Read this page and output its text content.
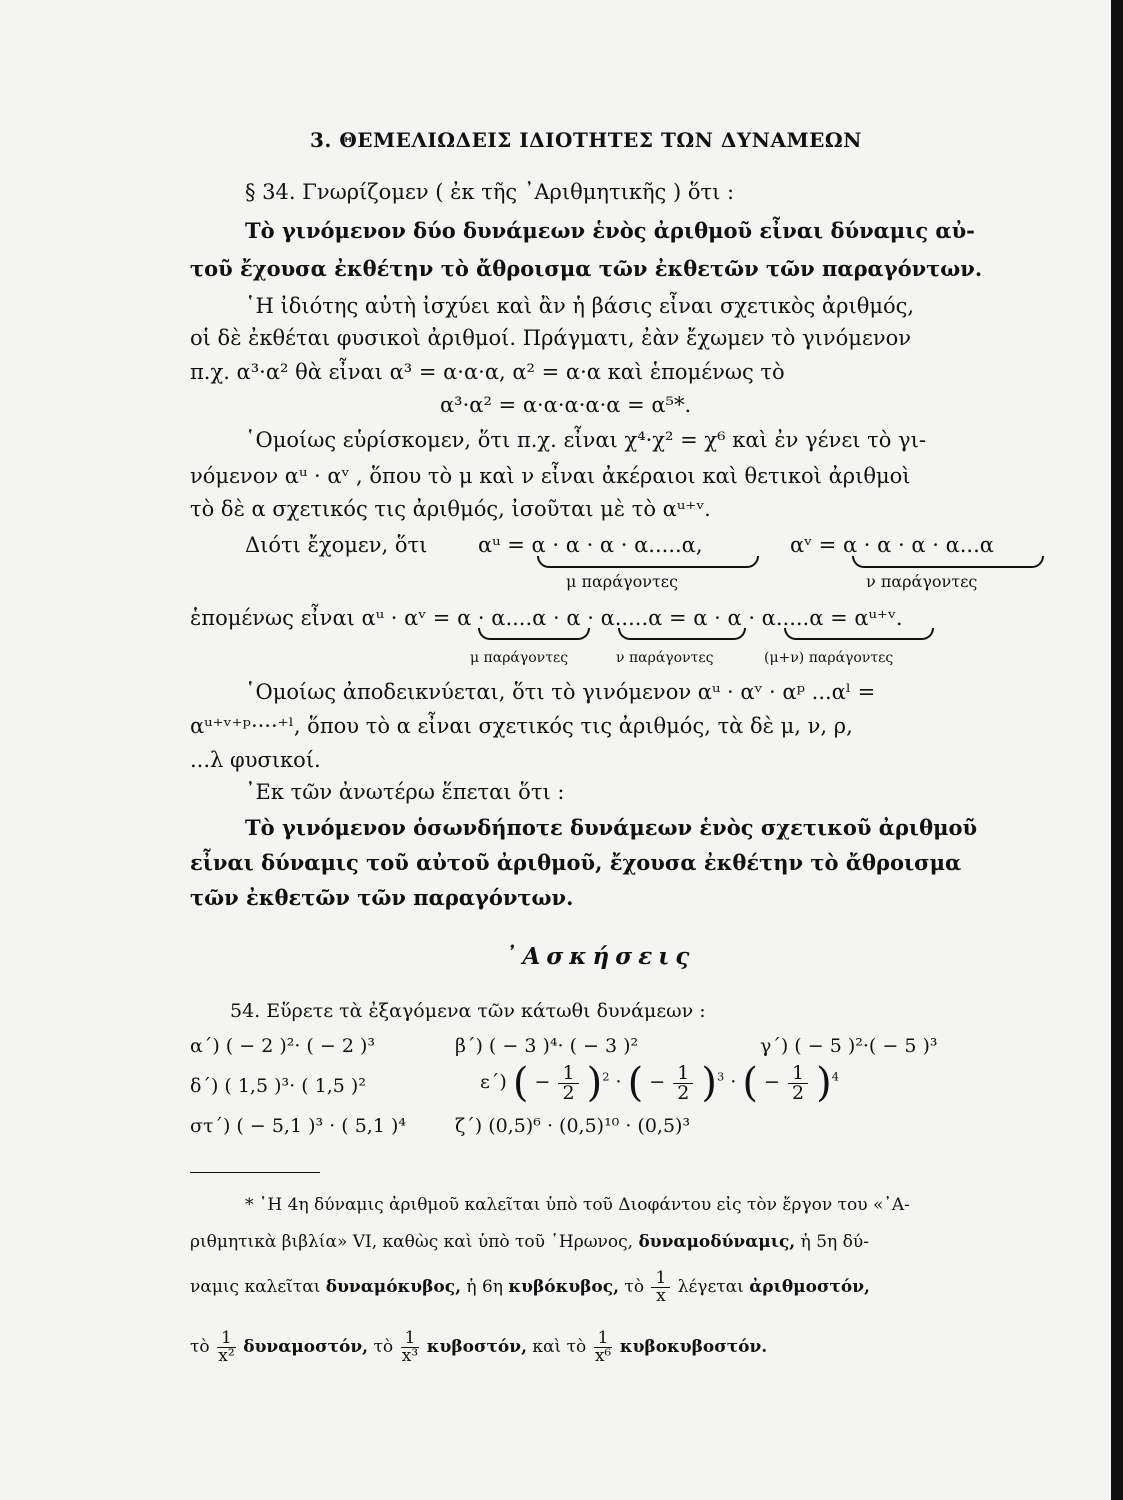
3. ΘΕΜΕΛΙΩΔΕΙΣ ΙΔΙΟΤΗΤΕΣ ΤΩΝ ΔΥΝΑΜΕΩΝ
§ 34. Γνωρίζομεν ( ἐκ τῆς ᾿Αριθμητικῆς ) ὅτι :
Τὸ γινόμενον δύο δυνάμεων ἑνὸς ἀριθμοῦ εἶναι δύναμις αὐ-
τοῦ ἔχουσα ἐκθέτην τὸ ἄθροισμα τῶν ἐκθετῶν τῶν παραγόντων.
῾Η ἰδιότης αὐτὴ ἰσχύει καὶ ἂν ἡ βάσις εἶναι σχετικὸς ἀριθμός,
οἱ δὲ ἐκθέται φυσικοὶ ἀριθμοί. Πράγματι, ἐὰν ἔχωμεν τὸ γινόμενον
π.χ. α³·α² θὰ εἶναι α³ = α·α·α, α² = α·α καὶ ἑπομένως τὸ
α³·α² = α·α·α·α·α = α⁵*.
῾Ομοίως εὑρίσκομεν, ὅτι π.χ. εἶναι χ⁴·χ² = χ⁶ καὶ ἐν γένει τὸ γι-
νόμενον αᵘ · αᵛ , ὅπου τὸ μ καὶ ν εἶναι ἀκέραιοι καὶ θετικοὶ ἀριθμοὶ
τὸ δὲ α σχετικός τις ἀριθμός, ἰσοῦται μὲ τὸ αᵘ⁺ᵛ.
Διότι ἔχομεν, ὅτι αᵘ = α · α · α · α.....α,	αᵛ = α · α · α · α...α
μ παράγοντες	ν παράγοντες
ἑπομένως εἶναι αᵘ · αᵛ = α · α....α · α · α.....α = α · α · α.....α = αᵘ⁺ᵛ.
μ παράγοντες	ν παράγοντες	(μ+ν) παράγοντες
῾Ομοίως ἀποδεικνύεται, ὅτι τὸ γινόμενον αᵘ · αᵛ · αᵖ ...αˡ =
αᵘ⁺ᵛ⁺ᵖ····⁺ˡ, ὅπου τὸ α εἶναι σχετικός τις ἀριθμός, τὰ δὲ μ, ν, ρ,
...λ φυσικοί.
᾿Εκ τῶν ἀνωτέρω ἕπεται ὅτι :
Τὸ γινόμενον ὁσωνδήποτε δυνάμεων ἑνὸς σχετικοῦ ἀριθμοῦ
εἶναι δύναμις τοῦ αὐτοῦ ἀριθμοῦ, ἔχουσα ἐκθέτην τὸ ἄθροισμα
τῶν ἐκθετῶν τῶν παραγόντων.
᾿Ασκήσεις
54. Εὕρετε τὰ ἐξαγόμενα τῶν κάτωθι δυνάμεων :
α΄) ( − 2 )²· ( − 2 )³	β΄) ( − 3 )⁴· ( − 3 )²	γ΄) ( − 5 )²·( − 5 )³
δ΄) ( 1,5 )³· ( 1,5 )²	ε΄) ( − $\frac{1}{2} )^2$ · ( − $\frac{1}{2} )^3$ · ( − $\frac{1}{2} )^4$
στ΄) ( − 5,1 )³ · ( 5,1 )⁴	ζ΄) (0,5)⁶ · (0,5)¹⁰ · (0,5)³
* ῾Η 4η δύναμις ἀριθμοῦ καλεῖται ὑπὸ τοῦ Διοφάντου εἰς τὸν ἔργον του «᾿Α-
ριθμητικὰ βιβλία» VI, καθὼς καὶ ὑπὸ τοῦ ῾Ηρωνος, δυναμοδύναμις, ἡ 5η δύ-
ναμις καλεῖται δυναμόκυβος, ἡ 6η κυβόκυβος, τὸ $\frac{1}{x}$ λέγεται ἀριθμοστόν,
τὸ $\frac{1}{\text{x²}} \delta\upsilon\nu\alpha\mu o\sigma\tau ό\nu$, τὸ $\frac{1}{\text{x³}} \kappa\upsilon\beta o\sigma\tau ό\nu$, καὶ τὸ $\frac{1}{\text{x⁶}} \kappa\upsilon\beta o\kappa\upsilon\beta o\sigma\tau ό\nu$.
